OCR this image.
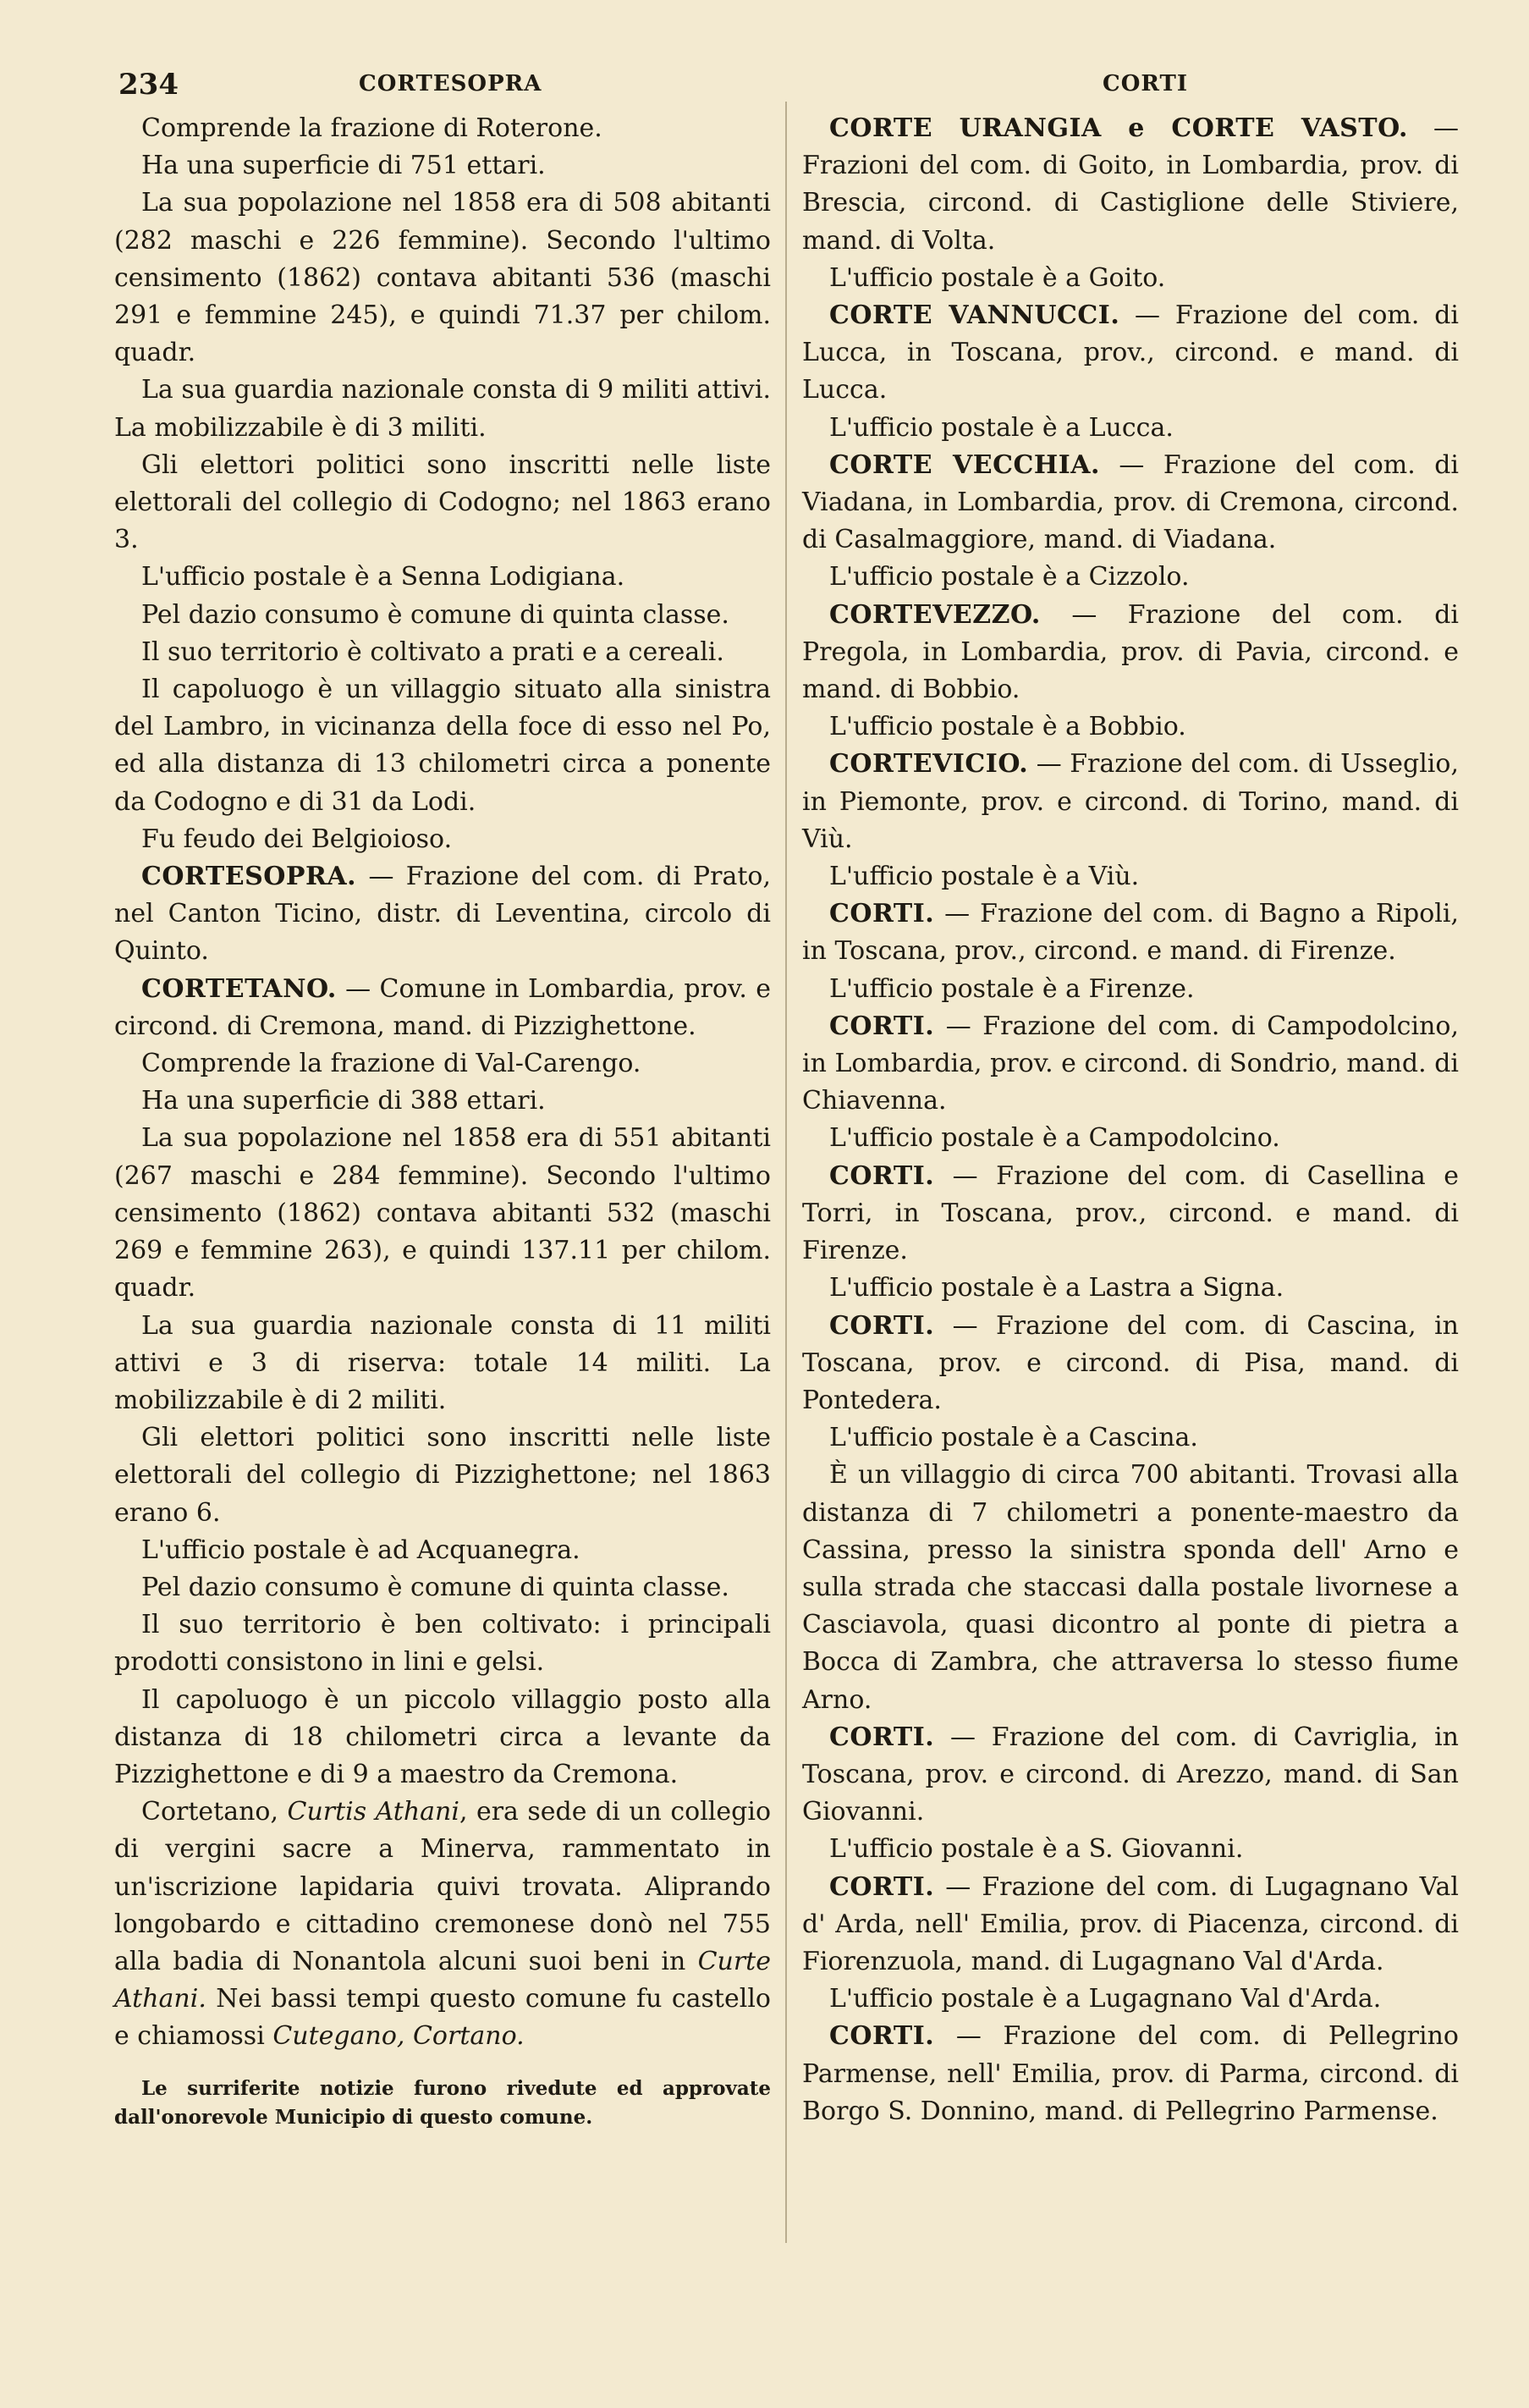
234	CORTESOPRA	CORTI

Comprende la frazione di Roterone.

Ha una superficie di 751 ettari.

La sua popolazione nel 1858 era di 508 abitanti (282 maschi e 226 femmine). Secondo l'ultimo censimento (1862) contava abitanti 536 (maschi 291 e femmine 245), e quindi 71.37 per chilom. quadr.

La sua guardia nazionale consta di 9 militi attivi. La mobilizzabile è di 3 militi.

Gli elettori politici sono inscritti nelle liste elettorali del collegio di Codogno; nel 1863 erano 3.

L'ufficio postale è a Senna Lodigiana.

Pel dazio consumo è comune di quinta classe.

Il suo territorio è coltivato a prati e a cereali.

Il capoluogo è un villaggio situato alla sinistra del Lambro, in vicinanza della foce di esso nel Po, ed alla distanza di 13 chilometri circa a ponente da Codogno e di 31 da Lodi.

Fu feudo dei Belgioioso.

CORTESOPRA. — Frazione del com. di Prato, nel Canton Ticino, distr. di Leventina, circolo di Quinto.

CORTETANO. — Comune in Lombardia, prov. e circond. di Cremona, mand. di Pizzighettone.

Comprende la frazione di Val-Carengo.

Ha una superficie di 388 ettari.

La sua popolazione nel 1858 era di 551 abitanti (267 maschi e 284 femmine). Secondo l'ultimo censimento (1862) contava abitanti 532 (maschi 269 e femmine 263), e quindi 137.11 per chilom. quadr.

La sua guardia nazionale consta di 11 militi attivi e 3 di riserva: totale 14 militi. La mobilizzabile è di 2 militi.

Gli elettori politici sono inscritti nelle liste elettorali del collegio di Pizzighettone; nel 1863 erano 6.

L'ufficio postale è ad Acquanegra.

Pel dazio consumo è comune di quinta classe.

Il suo territorio è ben coltivato: i principali prodotti consistono in lini e gelsi.

Il capoluogo è un piccolo villaggio posto alla distanza di 18 chilometri circa a levante da Pizzighettone e di 9 a maestro da Cremona.

Cortetano, Curtis Athani, era sede di un collegio di vergini sacre a Minerva, rammentato in un'iscrizione lapidaria quivi trovata. Aliprando longobardo e cittadino cremonese donò nel 755 alla badia di Nonantola alcuni suoi beni in Curte Athani. Nei bassi tempi questo comune fu castello e chiamossi Cutegano, Cortano.

Le surriferite notizie furono rivedute ed approvate dall'onorevole Municipio di questo comune.

CORTE URANGIA e CORTE VASTO. — Frazioni del com. di Goito, in Lombardia, prov. di Brescia, circond. di Castiglione delle Stiviere, mand. di Volta.

L'ufficio postale è a Goito.

CORTE VANNUCCI. — Frazione del com. di Lucca, in Toscana, prov., circond. e mand. di Lucca.

L'ufficio postale è a Lucca.

CORTE VECCHIA. — Frazione del com. di Viadana, in Lombardia, prov. di Cremona, circond. di Casalmaggiore, mand. di Viadana.

L'ufficio postale è a Cizzolo.

CORTEVEZZO. — Frazione del com. di Pregola, in Lombardia, prov. di Pavia, circond. e mand. di Bobbio.

L'ufficio postale è a Bobbio.

CORTEVICIO. — Frazione del com. di Usseglio, in Piemonte, prov. e circond. di Torino, mand. di Viù.

L'ufficio postale è a Viù.

CORTI. — Frazione del com. di Bagno a Ripoli, in Toscana, prov., circond. e mand. di Firenze.

L'ufficio postale è a Firenze.

CORTI. — Frazione del com. di Campodolcino, in Lombardia, prov. e circond. di Sondrio, mand. di Chiavenna.

L'ufficio postale è a Campodolcino.

CORTI. — Frazione del com. di Casellina e Torri, in Toscana, prov., circond. e mand. di Firenze.

L'ufficio postale è a Lastra a Signa.

CORTI. — Frazione del com. di Cascina, in Toscana, prov. e circond. di Pisa, mand. di Pontedera.

L'ufficio postale è a Cascina.

È un villaggio di circa 700 abitanti. Trovasi alla distanza di 7 chilometri a ponente-maestro da Cassina, presso la sinistra sponda dell' Arno e sulla strada che staccasi dalla postale livornese a Casciavola, quasi dicontro al ponte di pietra a Bocca di Zambra, che attraversa lo stesso fiume Arno.

CORTI. — Frazione del com. di Cavriglia, in Toscana, prov. e circond. di Arezzo, mand. di San Giovanni.

L'ufficio postale è a S. Giovanni.

CORTI. — Frazione del com. di Lugagnano Val d' Arda, nell' Emilia, prov. di Piacenza, circond. di Fiorenzuola, mand. di Lugagnano Val d'Arda.

L'ufficio postale è a Lugagnano Val d'Arda.

CORTI. — Frazione del com. di Pellegrino Parmense, nell' Emilia, prov. di Parma, circond. di Borgo S. Donnino, mand. di Pellegrino Parmense.
